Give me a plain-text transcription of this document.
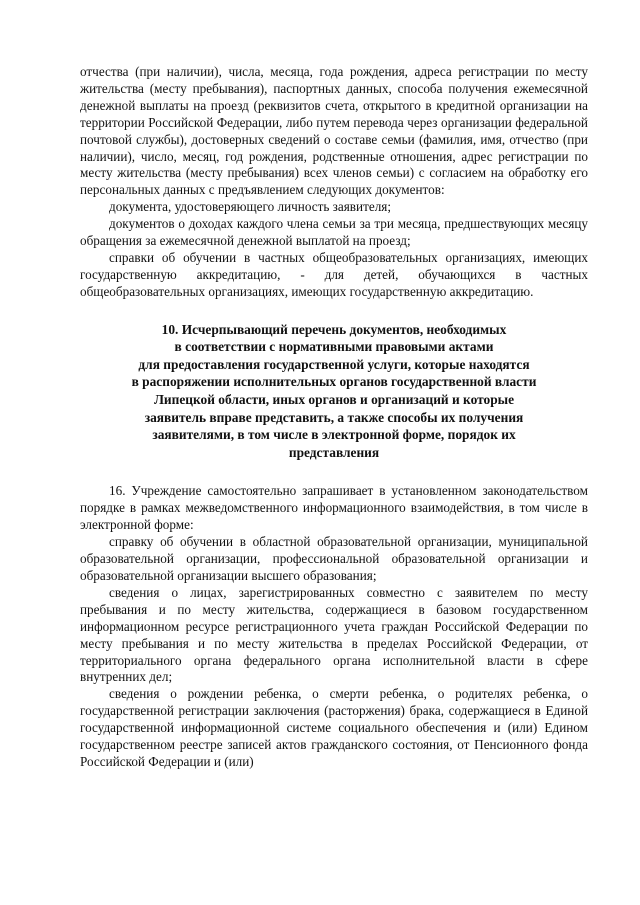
отчества (при наличии), числа, месяца, года рождения, адреса регистрации по месту жительства (месту пребывания), паспортных данных, способа получения ежемесячной денежной выплаты на проезд (реквизитов счета, открытого в кредитной организации на территории Российской Федерации, либо путем перевода через организации федеральной почтовой службы), достоверных сведений о составе семьи (фамилия, имя, отчество (при наличии), число, месяц, год рождения, родственные отношения, адрес регистрации по месту жительства (месту пребывания) всех членов семьи) с согласием на обработку его персональных данных с предъявлением следующих документов:

документа, удостоверяющего личность заявителя;

документов о доходах каждого члена семьи за три месяца, предшествующих месяцу обращения за ежемесячной денежной выплатой на проезд;

справки об обучении в частных общеобразовательных организациях, имеющих государственную аккредитацию, - для детей, обучающихся в частных общеобразовательных организациях, имеющих государственную аккредитацию.

10. Исчерпывающий перечень документов, необходимых
в соответствии с нормативными правовыми актами
для предоставления государственной услуги, которые находятся
в распоряжении исполнительных органов государственной власти
Липецкой области, иных органов и организаций и которые
заявитель вправе представить, а также способы их получения
заявителями, в том числе в электронной форме, порядок их
представления

16. Учреждение самостоятельно запрашивает в установленном законодательством порядке в рамках межведомственного информационного взаимодействия, в том числе в электронной форме:

справку об обучении в областной образовательной организации, муниципальной образовательной организации, профессиональной образовательной организации и образовательной организации высшего образования;

сведения о лицах, зарегистрированных совместно с заявителем по месту пребывания и по месту жительства, содержащиеся в базовом государственном информационном ресурсе регистрационного учета граждан Российской Федерации по месту пребывания и по месту жительства в пределах Российской Федерации, от территориального органа федерального органа исполнительной власти в сфере внутренних дел;

сведения о рождении ребенка, о смерти ребенка, о родителях ребенка, о государственной регистрации заключения (расторжения) брака, содержащиеся в Единой государственной информационной системе социального обеспечения и (или) Едином государственном реестре записей актов гражданского состояния, от Пенсионного фонда Российской Федерации и (или)
